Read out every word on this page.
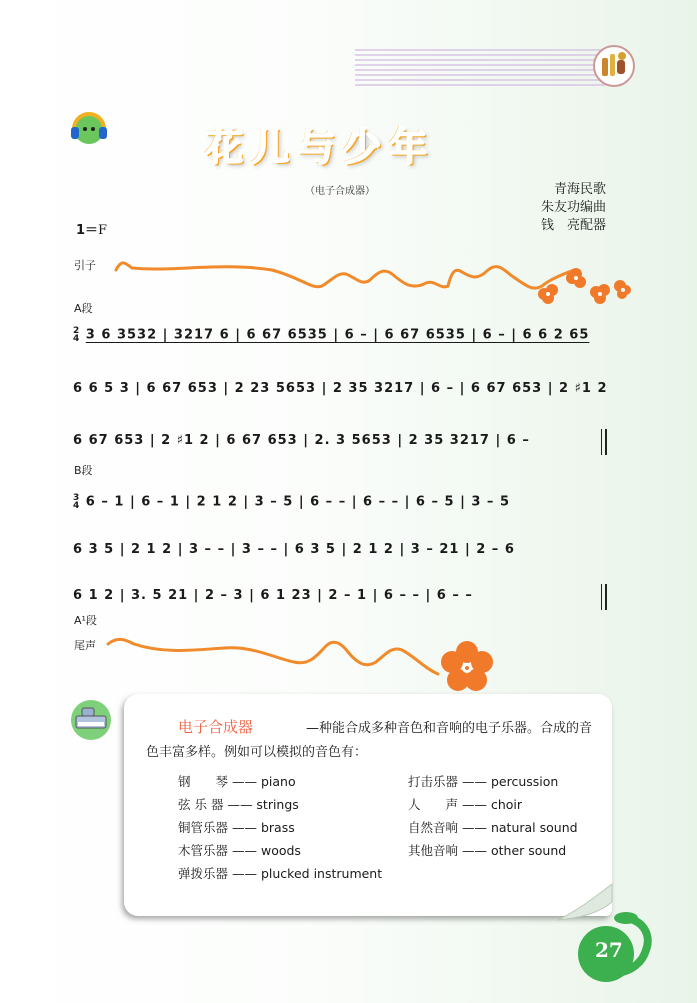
花儿与少年
（电子合成器）	青海民歌
朱友功编曲
钱　亮配器
1＝F
引子
A段
2
4 3 6 3532 | 3217 6 | 6 67 6535 | 6 – | 6 67 6535 | 6 – | 6 6 2 65
6 6 5 3 | 6 67 653 | 2 23 5653 | 2 35 3217 | 6 – | 6 67 653 | 2 ♯1 2
6 67 653 | 2 ♯1 2 | 6 67 653 | 2. 3 5653 | 2 35 3217 | 6 –
B段
3
4 6 – 1 | 6 – 1 | 2 1 2 | 3 – 5 | 6 – – | 6 – – | 6 – 5 | 3 – 5
6 3 5 | 2 1 2 | 3 – – | 3 – – | 6 3 5 | 2 1 2 | 3 – 21 | 2 – 6
6 1 2 | 3. 5 21 | 2 – 3 | 6 1 23 | 2 – 1 | 6 – – | 6 – –
A¹段
尾声
电子合成器	—种能合成多种音色和音响的电子乐器。合成的音色丰富多样。例如可以模拟的音色有：
钢　　琴 —— piano
弦 乐 器 —— strings
铜管乐器 —— brass
木管乐器 —— woods
弹拨乐器 —— plucked instrument
打击乐器 —— percussion
人　　声 —— choir
自然音响 —— natural sound
其他音响 —— other sound
27
